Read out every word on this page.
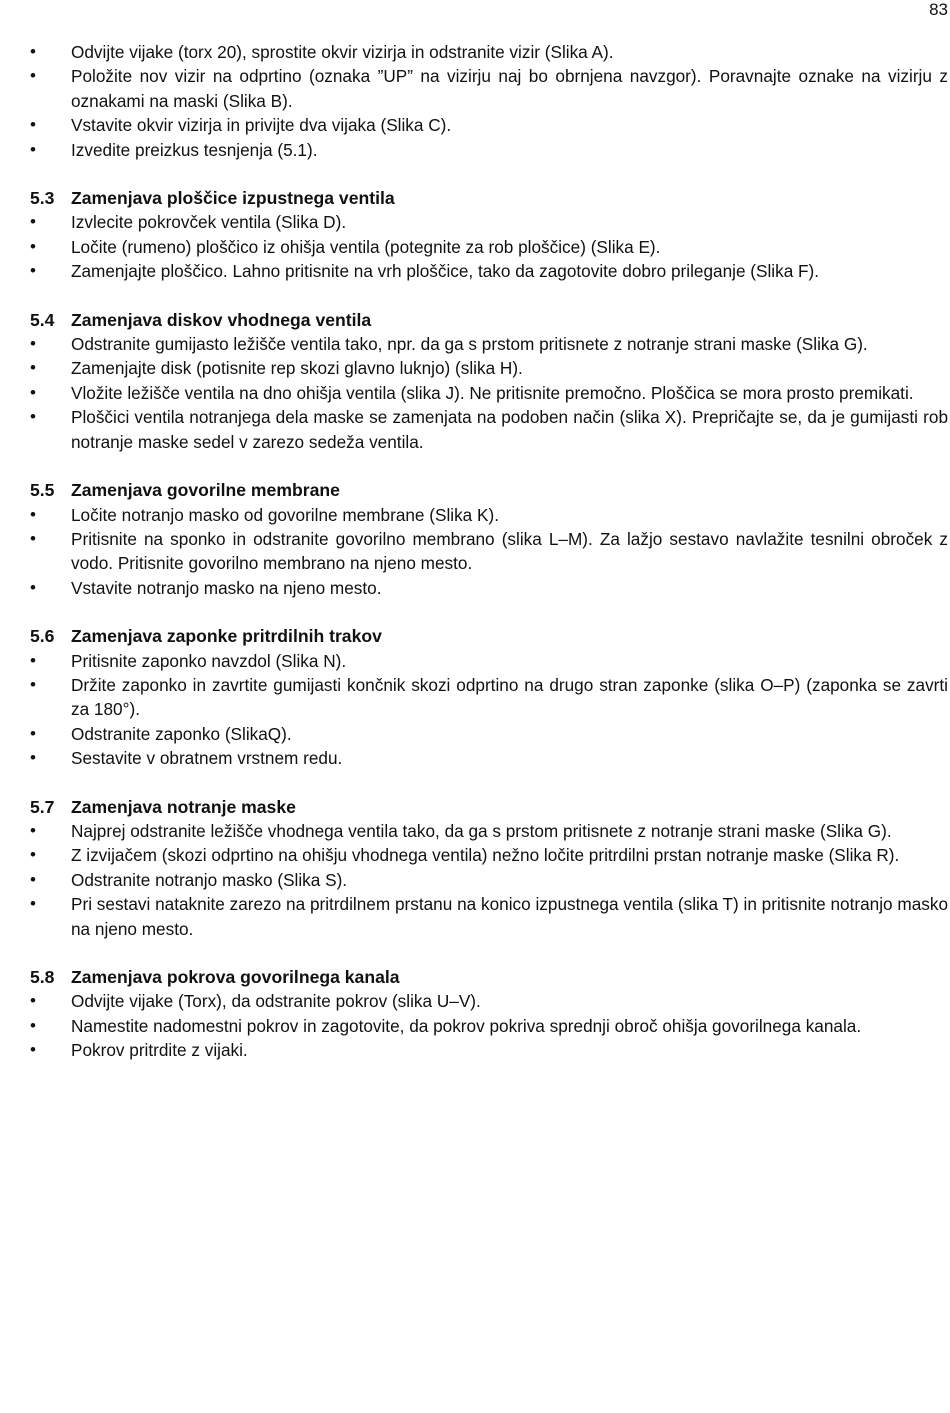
83
• Odvijte vijake (torx 20), sprostite okvir vizirja in odstranite vizir (Slika A).
• Položite nov vizir na odprtino (oznaka ”UP” na vizirju naj bo obrnjena navzgor). Poravnajte oznake na vizirju z oznakami na maski (Slika B).
• Vstavite okvir vizirja in privijte dva vijaka (Slika C).
• Izvedite preizkus tesnjenja (5.1).
5.3 Zamenjava ploščice izpustnega ventila
• Izvlecite pokrovček ventila (Slika D).
• Ločite (rumeno) ploščico iz ohišja ventila (potegnite za rob ploščice) (Slika E).
• Zamenjajte ploščico. Lahno pritisnite na vrh ploščice, tako da zagotovite dobro prileganje (Slika F).
5.4 Zamenjava diskov vhodnega ventila
• Odstranite gumijasto ležišče ventila tako, npr. da ga s prstom pritisnete z notranje strani maske (Slika G).
• Zamenjajte disk (potisnite rep skozi glavno luknjo) (slika H).
• Vložite ležišče ventila na dno ohišja ventila (slika J). Ne pritisnite premočno. Ploščica se mora prosto premikati.
• Ploščici ventila notranjega dela maske se zamenjata na podoben način (slika X). Prepričajte se, da je gumijasti rob notranje maske sedel v zarezo sedeža ventila.
5.5 Zamenjava govorilne membrane
• Ločite notranjo masko od govorilne membrane (Slika K).
• Pritisnite na sponko in odstranite govorilno membrano (slika L‒M). Za lažjo sestavo navlažite tesnilni obroček z vodo. Pritisnite govorilno membrano na njeno mesto.
• Vstavite notranjo masko na njeno mesto.
5.6 Zamenjava zaponke pritrdilnih trakov
• Pritisnite zaponko navzdol (Slika N).
• Držite zaponko in zavrtite gumijasti končnik skozi odprtino na drugo stran zaponke (slika O‒P) (zaponka se zavrti za 180°).
• Odstranite zaponko (SlikaQ).
• Sestavite v obratnem vrstnem redu.
5.7 Zamenjava notranje maske
• Najprej odstranite ležišče vhodnega ventila tako, da ga s prstom pritisnete z notranje strani maske (Slika G).
• Z izvijačem (skozi odprtino na ohišju vhodnega ventila) nežno ločite pritrdilni prstan notranje maske (Slika R).
• Odstranite notranjo masko (Slika S).
• Pri sestavi nataknite zarezo na pritrdilnem prstanu na konico izpustnega ventila (slika T) in pritisnite notranjo masko na njeno mesto.
5.8 Zamenjava pokrova govorilnega kanala
• Odvijte vijake (Torx), da odstranite pokrov (slika U‒V).
• Namestite nadomestni pokrov in zagotovite, da pokrov pokriva sprednji obroč ohišja govorilnega kanala.
• Pokrov pritrdite z vijaki.
